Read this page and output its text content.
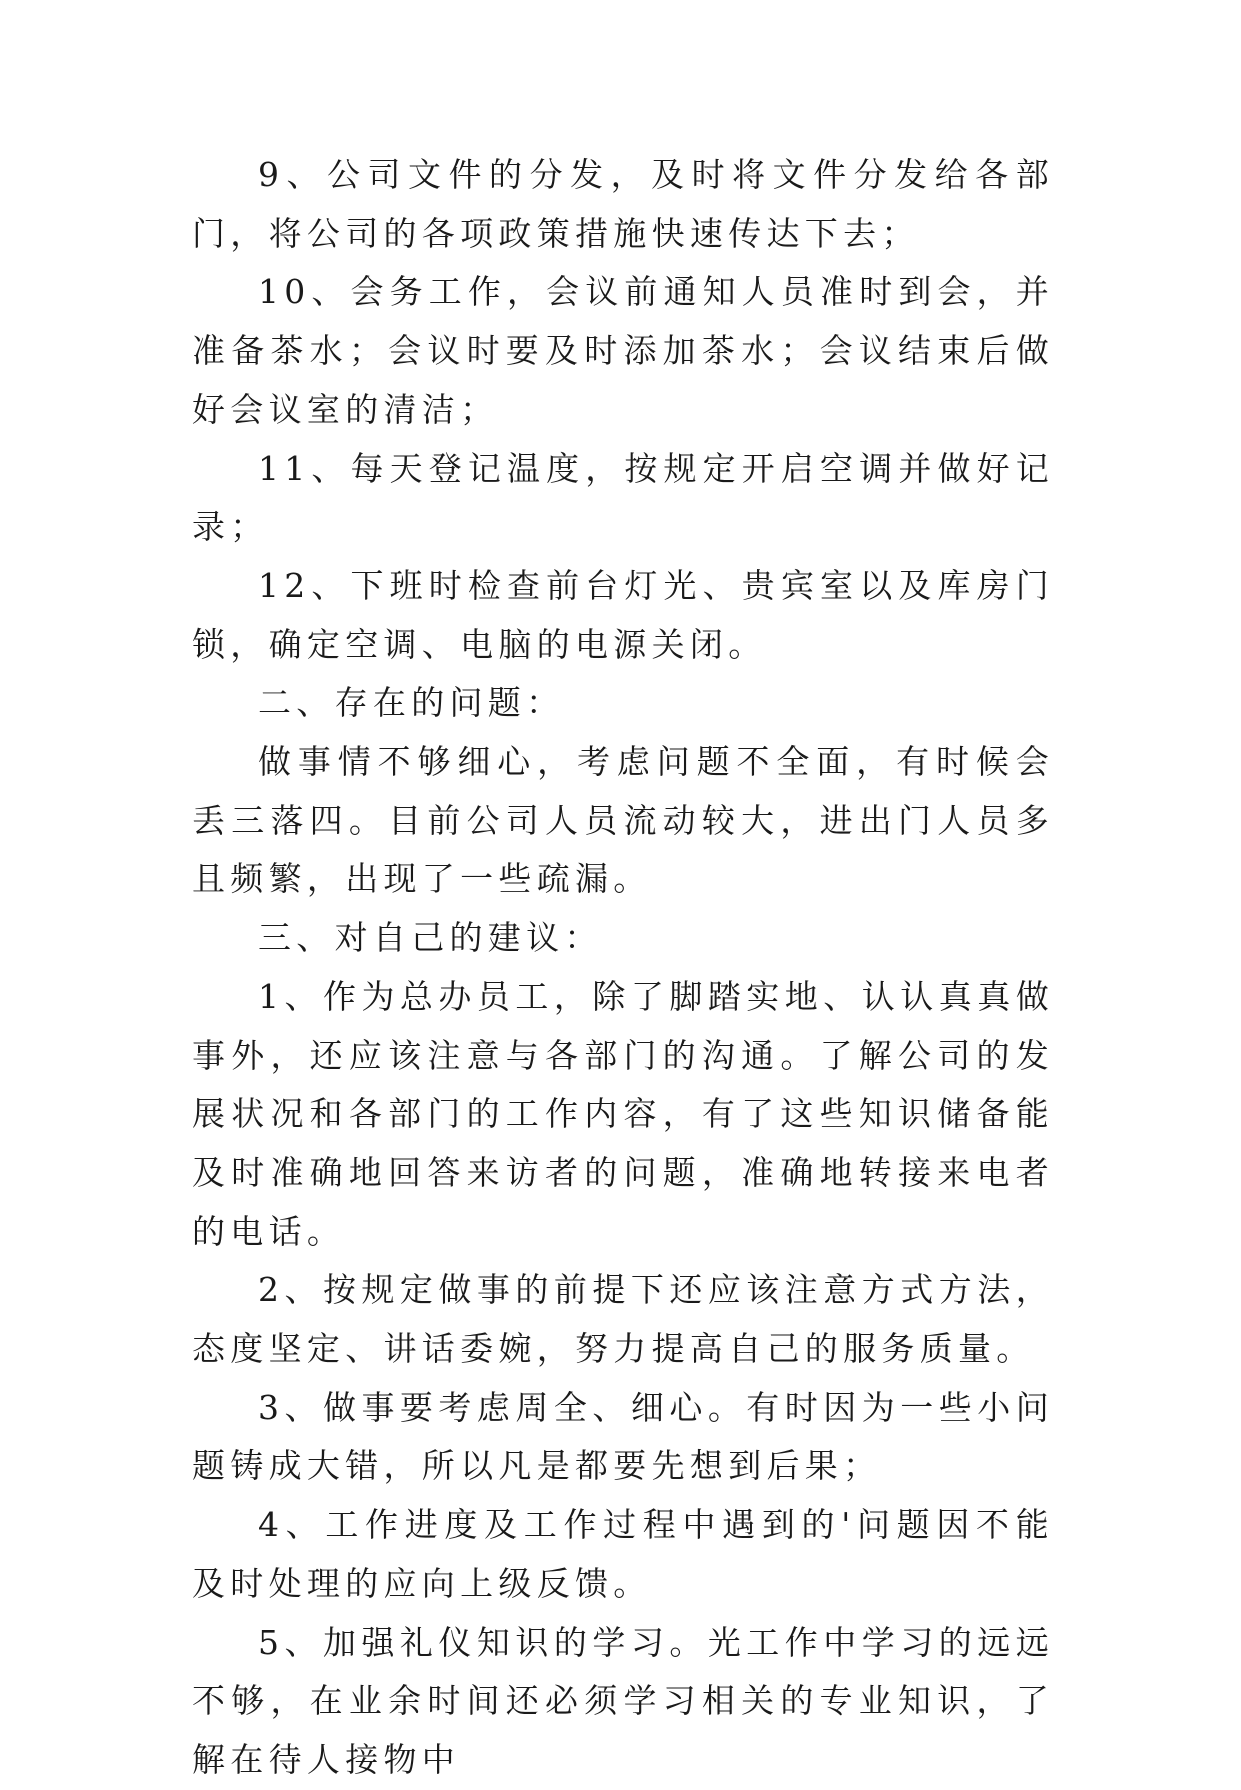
9、公司文件的分发，及时将文件分发给各部门，将公司的各项政策措施快速传达下去；

10、会务工作，会议前通知人员准时到会，并准备茶水；会议时要及时添加茶水；会议结束后做好会议室的清洁；

11、每天登记温度，按规定开启空调并做好记录；

12、下班时检查前台灯光、贵宾室以及库房门锁，确定空调、电脑的电源关闭。

二、存在的问题：

做事情不够细心，考虑问题不全面，有时候会丢三落四。目前公司人员流动较大，进出门人员多且频繁，出现了一些疏漏。

三、对自己的建议：

1、作为总办员工，除了脚踏实地、认认真真做事外，还应该注意与各部门的沟通。了解公司的发展状况和各部门的工作内容，有了这些知识储备能及时准确地回答来访者的问题，准确地转接来电者的电话。

2、按规定做事的前提下还应该注意方式方法，态度坚定、讲话委婉，努力提高自己的服务质量。

3、做事要考虑周全、细心。有时因为一些小问题铸成大错，所以凡是都要先想到后果；

4、工作进度及工作过程中遇到的'问题因不能及时处理的应向上级反馈。

5、加强礼仪知识的学习。光工作中学习的远远不够，在业余时间还必须学习相关的专业知识，了解在待人接物中
